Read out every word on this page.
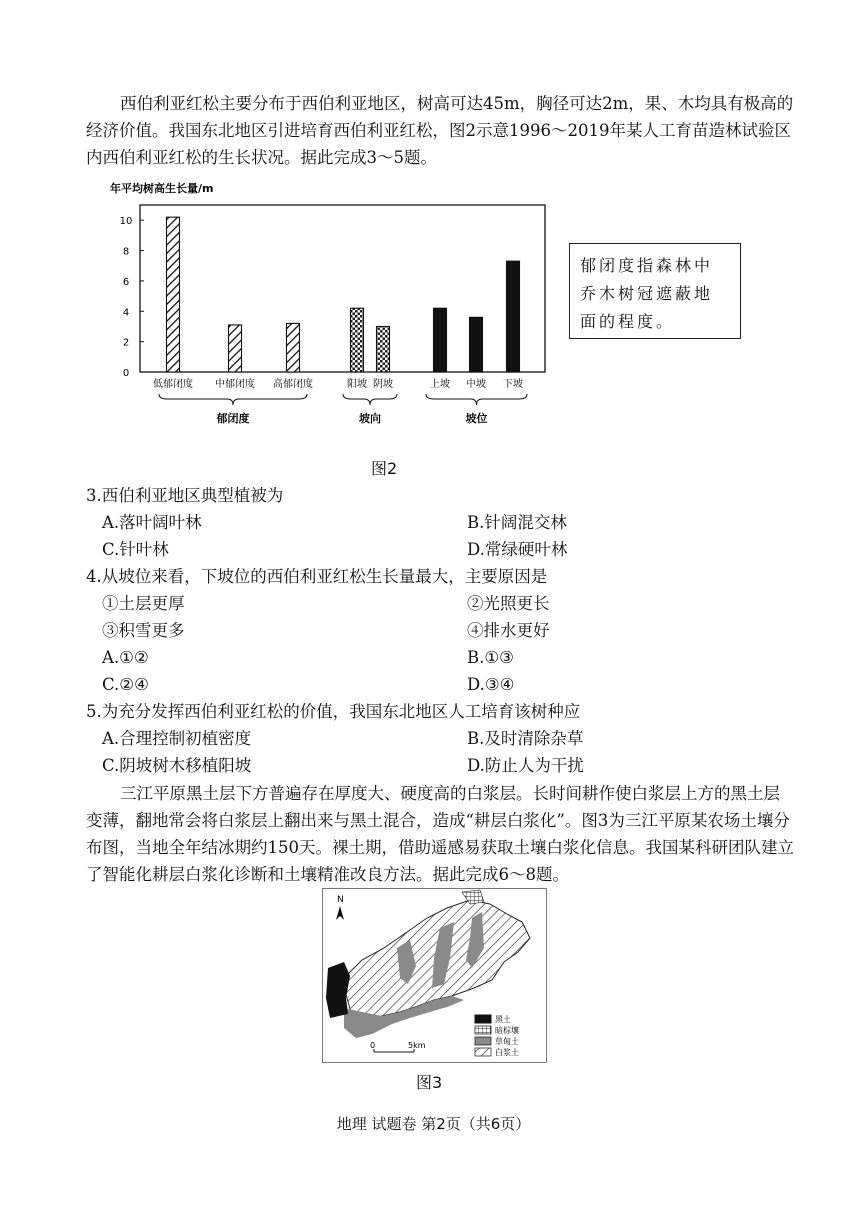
西伯利亚红松主要分布于西伯利亚地区，树高可达45m，胸径可达2m，果、木均具有极高的经济价值。我国东北地区引进培育西伯利亚红松，图2示意1996～2019年某人工育苗造林试验区内西伯利亚红松的生长状况。据此完成3～5题。

年平均树高生长量/m
0
2
4
6
8
10
低郁闭度 中郁闭度 高郁闭度	阳坡 阴坡	上坡 中坡 下坡
郁闭度	坡向	坡位
郁闭度指森林中乔木树冠遮蔽地面的程度。
图2
3.西伯利亚地区典型植被为
A.落叶阔叶林	B.针阔混交林
C.针叶林	D.常绿硬叶林
4.从坡位来看，下坡位的西伯利亚红松生长量最大，主要原因是
①土层更厚	②光照更长
③积雪更多	④排水更好
A.①②	B.①③
C.②④	D.③④
5.为充分发挥西伯利亚红松的价值，我国东北地区人工培育该树种应
A.合理控制初植密度	B.及时清除杂草
C.阴坡树木移植阳坡	D.防止人为干扰

三江平原黑土层下方普遍存在厚度大、硬度高的白浆层。长时间耕作使白浆层上方的黑土层变薄，翻地常会将白浆层上翻出来与黑土混合，造成“耕层白浆化”。图3为三江平原某农场土壤分布图，当地全年结冰期约150天。裸土期，借助遥感易获取土壤白浆化信息。我国某科研团队建立了智能化耕层白浆化诊断和土壤精准改良方法。据此完成6～8题。

N
黑土
暗棕壤
草甸土
白浆土
0	5km
图3
地理 试题卷 第2页（共6页）
